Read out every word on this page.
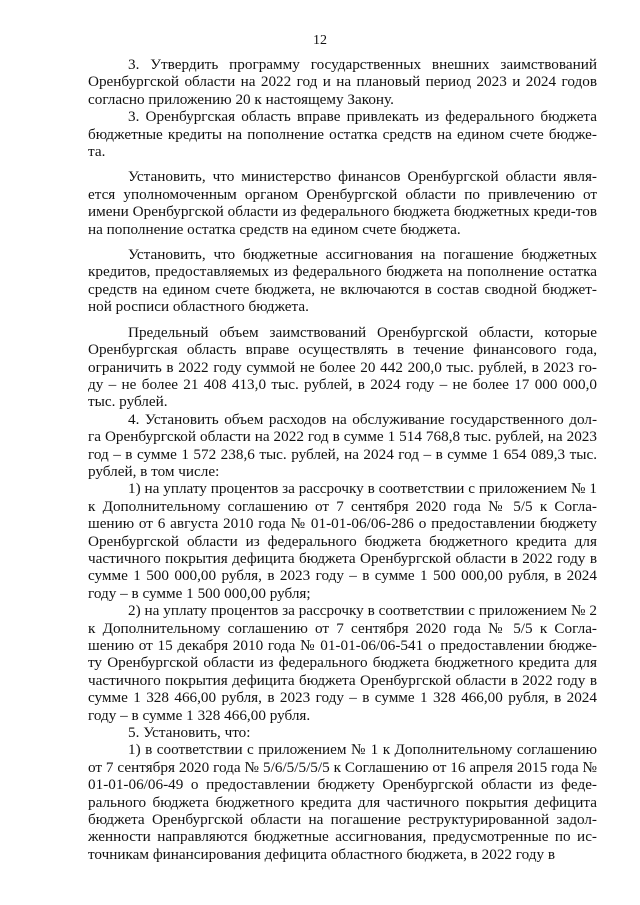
12

3. Утвердить программу государственных внешних заимствований Оренбургской области на 2022 год и на плановый период 2023 и 2024 годов согласно приложению 20 к настоящему Закону.

3. Оренбургская область вправе привлекать из федерального бюджета бюджетные кредиты на пополнение остатка средств на едином счете бюдже-та.

Установить, что министерство финансов Оренбургской области явля-ется уполномоченным органом Оренбургской области по привлечению от имени Оренбургской области из федерального бюджета бюджетных креди-тов на пополнение остатка средств на едином счете бюджета.

Установить, что бюджетные ассигнования на погашение бюджетных кредитов, предоставляемых из федерального бюджета на пополнение остатка средств на едином счете бюджета, не включаются в состав сводной бюджет-ной росписи областного бюджета.

Предельный объем заимствований Оренбургской области, которые Оренбургская область вправе осуществлять в течение финансового года, ограничить в 2022 году суммой не более 20 442 200,0 тыс. рублей, в 2023 го-ду – не более 21 408 413,0 тыс. рублей, в 2024 году – не более 17 000 000,0 тыс. рублей.

4. Установить объем расходов на обслуживание государственного дол-га Оренбургской области на 2022 год в сумме 1 514 768,8 тыс. рублей, на 2023 год – в сумме 1 572 238,6 тыс. рублей, на 2024 год – в сумме 1 654 089,3 тыс. рублей, в том числе:

1) на уплату процентов за рассрочку в соответствии с приложением № 1 к Дополнительному соглашению от 7 сентября 2020 года № 5/5 к Согла-шению от 6 августа 2010 года № 01-01-06/06-286 о предоставлении бюджету Оренбургской области из федерального бюджета бюджетного кредита для частичного покрытия дефицита бюджета Оренбургской области в 2022 году в сумме 1 500 000,00 рубля, в 2023 году – в сумме 1 500 000,00 рубля, в 2024 году – в сумме 1 500 000,00 рубля;

2) на уплату процентов за рассрочку в соответствии с приложением № 2 к Дополнительному соглашению от 7 сентября 2020 года № 5/5 к Согла-шению от 15 декабря 2010 года № 01-01-06/06-541 о предоставлении бюдже-ту Оренбургской области из федерального бюджета бюджетного кредита для частичного покрытия дефицита бюджета Оренбургской области в 2022 году в сумме 1 328 466,00 рубля, в 2023 году – в сумме 1 328 466,00 рубля, в 2024 году – в сумме 1 328 466,00 рубля.

5. Установить, что:

1) в соответствии с приложением № 1 к Дополнительному соглашению от 7 сентября 2020 года № 5/6/5/5/5/5 к Соглашению от 16 апреля 2015 года № 01-01-06/06-49 о предоставлении бюджету Оренбургской области из феде-рального бюджета бюджетного кредита для частичного покрытия дефицита бюджета Оренбургской области на погашение реструктурированной задол-женности направляются бюджетные ассигнования, предусмотренные по ис-точникам финансирования дефицита областного бюджета, в 2022 году в
